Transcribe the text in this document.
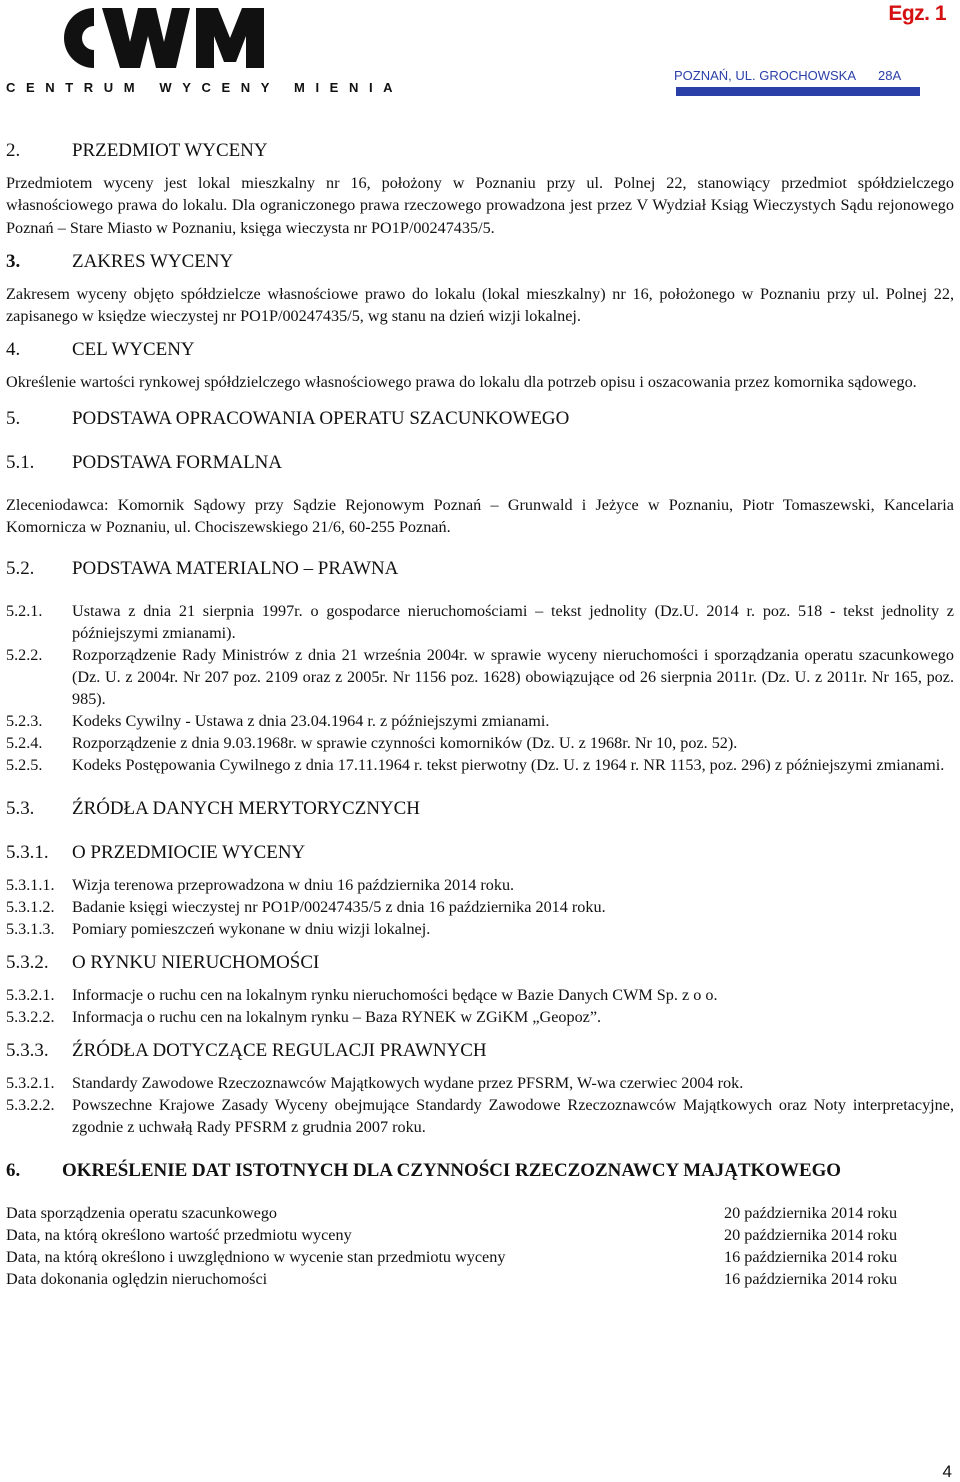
CENTRUM WYCENY MIENIA
Egz. 1
POZNAŃ, UL. GROCHOWSKA 28A
2.	PRZEDMIOT WYCENY

Przedmiotem wyceny jest lokal mieszkalny nr 16, położony w Poznaniu przy ul. Polnej 22, stanowiący przedmiot spółdzielczego własnościowego prawa do lokalu. Dla ograniczonego prawa rzeczowego prowadzona jest przez V Wydział Ksiąg Wieczystych Sądu rejonowego Poznań – Stare Miasto w Poznaniu, księga wieczysta nr PO1P/00247435/5.

3.	ZAKRES WYCENY

Zakresem wyceny objęto spółdzielcze własnościowe prawo do lokalu (lokal mieszkalny) nr 16, położonego w Poznaniu przy ul. Polnej 22, zapisanego w księdze wieczystej nr PO1P/00247435/5, wg stanu na dzień wizji lokalnej.

4.	CEL WYCENY

Określenie wartości rynkowej spółdzielczego własnościowego prawa do lokalu dla potrzeb opisu i oszacowania przez komornika sądowego.

5.	PODSTAWA OPRACOWANIA OPERATU SZACUNKOWEGO
5.1. PODSTAWA FORMALNA

Zleceniodawca: Komornik Sądowy przy Sądzie Rejonowym Poznań – Grunwald i Jeżyce w Poznaniu, Piotr Tomaszewski, Kancelaria Komornicza w Poznaniu, ul. Chociszewskiego 21/6, 60-255 Poznań.

5.2. PODSTAWA MATERIALNO – PRAWNA
5.2.1.	Ustawa z dnia 21 sierpnia 1997r. o gospodarce nieruchomościami – tekst jednolity (Dz.U. 2014 r. poz. 518 - tekst jednolity z późniejszymi zmianami).
5.2.2.	Rozporządzenie Rady Ministrów z dnia 21 września 2004r. w sprawie wyceny nieruchomości i sporządzania operatu szacunkowego (Dz. U. z 2004r. Nr 207 poz. 2109 oraz z 2005r. Nr 1156 poz. 1628) obowiązujące od 26 sierpnia 2011r. (Dz. U. z 2011r. Nr 165, poz. 985).
5.2.3.	Kodeks Cywilny - Ustawa z dnia 23.04.1964 r. z późniejszymi zmianami.
5.2.4.	Rozporządzenie z dnia 9.03.1968r. w sprawie czynności komorników (Dz. U. z 1968r. Nr 10, poz. 52).
5.2.5.	Kodeks Postępowania Cywilnego z dnia 17.11.1964 r. tekst pierwotny (Dz. U. z 1964 r. NR 1153, poz. 296) z późniejszymi zmianami.
5.3. ŹRÓDŁA DANYCH MERYTORYCZNYCH
5.3.1. O PRZEDMIOCIE WYCENY
5.3.1.1.	Wizja terenowa przeprowadzona w dniu 16 października 2014 roku.
5.3.1.2.	Badanie księgi wieczystej nr PO1P/00247435/5 z dnia 16 października 2014 roku.
5.3.1.3.	Pomiary pomieszczeń wykonane w dniu wizji lokalnej.
5.3.2. O RYNKU NIERUCHOMOŚCI
5.3.2.1.	Informacje o ruchu cen na lokalnym rynku nieruchomości będące w Bazie Danych CWM Sp. z o o.
5.3.2.2.	Informacja o ruchu cen na lokalnym rynku – Baza RYNEK w ZGiKM „Geopoz”.
5.3.3. ŹRÓDŁA DOTYCZĄCE REGULACJI PRAWNYCH
5.3.2.1.	Standardy Zawodowe Rzeczoznawców Majątkowych wydane przez PFSRM, W-wa czerwiec 2004 rok.
5.3.2.2.	Powszechne Krajowe Zasady Wyceny obejmujące Standardy Zawodowe Rzeczoznawców Majątkowych oraz Noty interpretacyjne, zgodnie z uchwałą Rady PFSRM z grudnia 2007 roku.
6. OKREŚLENIE DAT ISTOTNYCH DLA CZYNNOŚCI RZECZOZNAWCY MAJĄTKOWEGO
Data sporządzenia operatu szacunkowego	20 października 2014 roku
Data, na którą określono wartość przedmiotu wyceny	20 października 2014 roku
Data, na którą określono i uwzględniono w wycenie stan przedmiotu wyceny	16 października 2014 roku
Data dokonania oględzin nieruchomości	16 października 2014 roku
4
